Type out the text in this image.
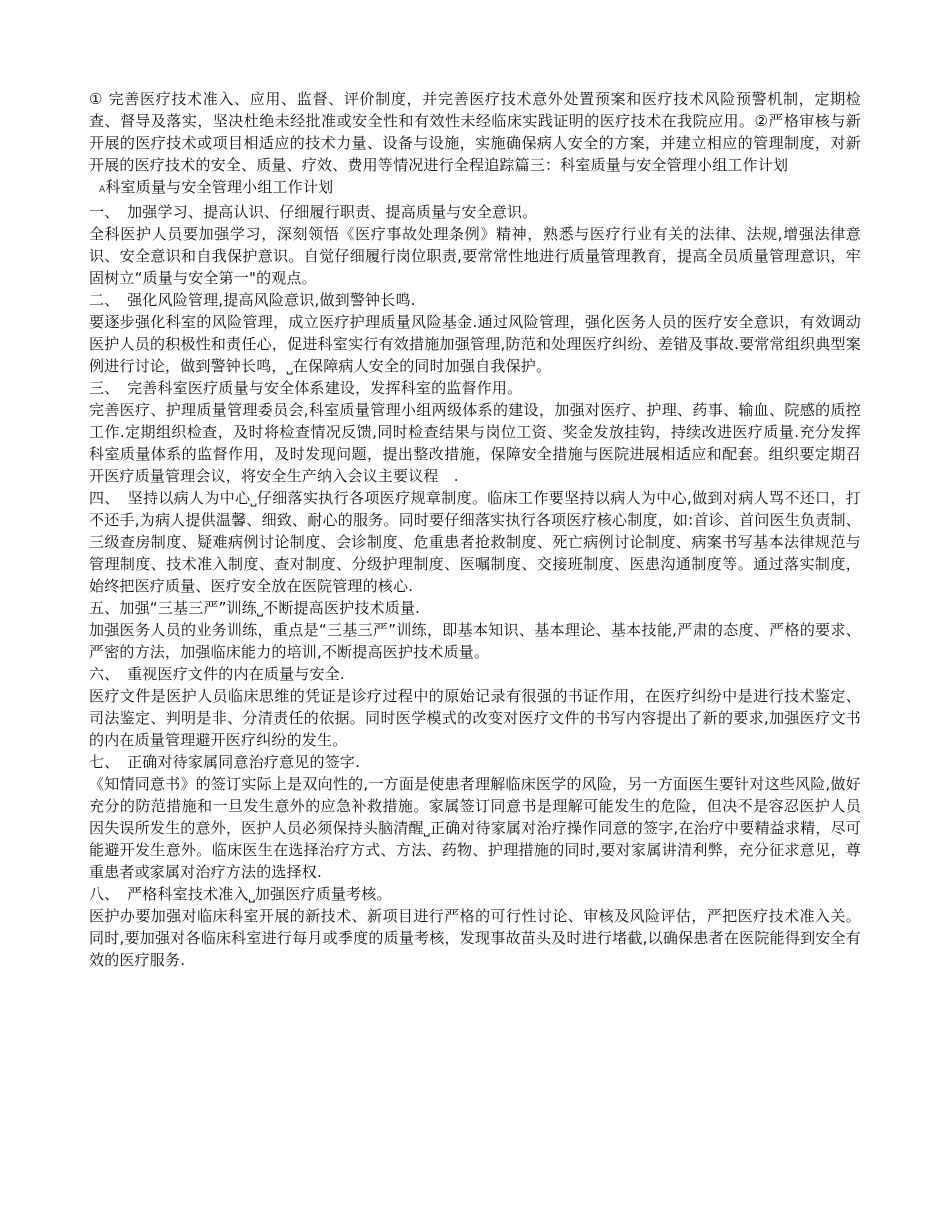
① 完善医疗技术准入、应用、监督、评价制度，并完善医疗技术意外处置预案和医疗技术风险预警机制，定期检查、督导及落实，坚决杜绝未经批准或安全性和有效性未经临床实践证明的医疗技术在我院应用。②严格审核与新开展的医疗技术或项目相适应的技术力量、设备与设施，实施确保病人安全的方案，并建立相应的管理制度，对新开展的医疗技术的安全、质量、疗效、费用等情况进行全程追踪篇三：科室质量与安全管理小组工作计划

A科室质量与安全管理小组工作计划

一、　加强学习、提高认识、仔细履行职责、提高质量与安全意识。

全科医护人员要加强学习，深刻领悟《医疗事故处理条例》精神，熟悉与医疗行业有关的法律、法规,增强法律意识、安全意识和自我保护意识。自觉仔细履行岗位职责,要常常性地进行质量管理教育，提高全员质量管理意识，牢固树立“质量与安全第一"的观点。

二、　强化风险管理,提高风险意识,做到警钟长鸣.

要逐步强化科室的风险管理，成立医疗护理质量风险基金.通过风险管理，强化医务人员的医疗安全意识，有效调动医护人员的积极性和责任心，促进科室实行有效措施加强管理,防范和处理医疗纠纷、差错及事故.要常常组织典型案例进行讨论，做到警钟长鸣，⎵在保障病人安全的同时加强自我保护。

三、　完善科室医疗质量与安全体系建设，发挥科室的监督作用。

完善医疗、护理质量管理委员会,科室质量管理小组两级体系的建设，加强对医疗、护理、药事、输血、院感的质控工作.定期组织检查，及时将检查情况反馈,同时检查结果与岗位工资、奖金发放挂钩，持续改进医疗质量.充分发挥科室质量体系的监督作用，及时发现问题，提出整改措施，保障安全措施与医院进展相适应和配套。组织要定期召开医疗质量管理会议，将安全生产纳入会议主要议程　.

四、　坚持以病人为中心⎵仔细落实执行各项医疗规章制度。临床工作要坚持以病人为中心,做到对病人骂不还口，打不还手,为病人提供温馨、细致、耐心的服务。同时要仔细落实执行各项医疗核心制度，如:首诊、首问医生负责制、三级查房制度、疑难病例讨论制度、会诊制度、危重患者抢救制度、死亡病例讨论制度、病案书写基本法律规范与管理制度、技术准入制度、查对制度、分级护理制度、医嘱制度、交接班制度、医患沟通制度等。通过落实制度，始终把医疗质量、医疗安全放在医院管理的核心.

五、加强“三基三严”训练⎵不断提高医护技术质量.

加强医务人员的业务训练，重点是“三基三严”训练，即基本知识、基本理论、基本技能,严肃的态度、严格的要求、严密的方法，加强临床能力的培训,不断提高医护技术质量。

六、　重视医疗文件的内在质量与安全.

医疗文件是医护人员临床思维的凭证是诊疗过程中的原始记录有很强的书证作用，在医疗纠纷中是进行技术鉴定、司法鉴定、判明是非、分清责任的依据。同时医学模式的改变对医疗文件的书写内容提出了新的要求,加强医疗文书的内在质量管理避开医疗纠纷的发生。

七、　正确对待家属同意治疗意见的签字.

《知情同意书》的签订实际上是双向性的,一方面是使患者理解临床医学的风险，另一方面医生要针对这些风险,做好充分的防范措施和一旦发生意外的应急补救措施。家属签订同意书是理解可能发生的危险，但决不是容忍医护人员因失误所发生的意外，医护人员必须保持头脑清醒⎵正确对待家属对治疗操作同意的签字,在治疗中要精益求精，尽可能避开发生意外。临床医生在选择治疗方式、方法、药物、护理措施的同时,要对家属讲清利弊，充分征求意见，尊重患者或家属对治疗方法的选择权.

八、　严格科室技术准入⎵加强医疗质量考核。

医护办要加强对临床科室开展的新技术、新项目进行严格的可行性讨论、审核及风险评估，严把医疗技术准入关。同时,要加强对各临床科室进行每月或季度的质量考核，发现事故苗头及时进行堵截,以确保患者在医院能得到安全有效的医疗服务.
